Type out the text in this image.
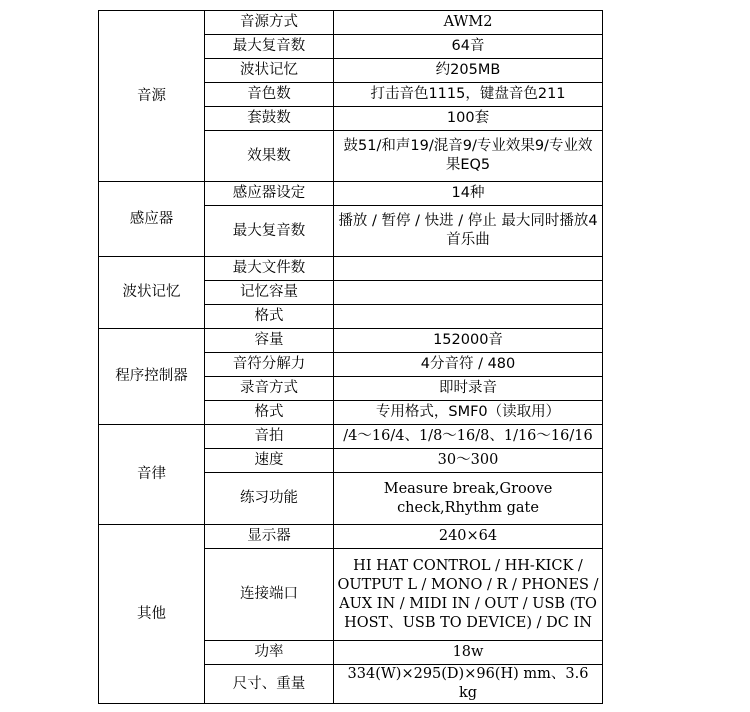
音源	音源方式	AWM2
	最大复音数	64音
	波状记忆	约205MB
	音色数	打击音色1115，键盘音色211
	套鼓数	100套
	效果数	鼓51/和声19/混音9/专业效果9/专业效果EQ5
感应器	感应器设定	14种
	最大复音数	播放 / 暂停 / 快进 / 停止 最大同时播放4首乐曲
波状记忆	最大文件数	
	记忆容量	
	格式	
程序控制器	容量	152000音
	音符分解力	4分音符 / 480
	录音方式	即时录音
	格式	专用格式，SMF0（读取用）
音律	音拍	/4～16/4、1/8～16/8、1/16～16/16
	速度	30～300
	练习功能	Measure break,Groove check,Rhythm gate
其他	显示器	240×64
	连接端口	HI HAT CONTROL / HH-KICK / OUTPUT L / MONO / R / PHONES / AUX IN / MIDI IN / OUT / USB (TO HOST、USB TO DEVICE) / DC IN
	功率	18w
	尺寸、重量	334(W)×295(D)×96(H) mm、3.6 kg
